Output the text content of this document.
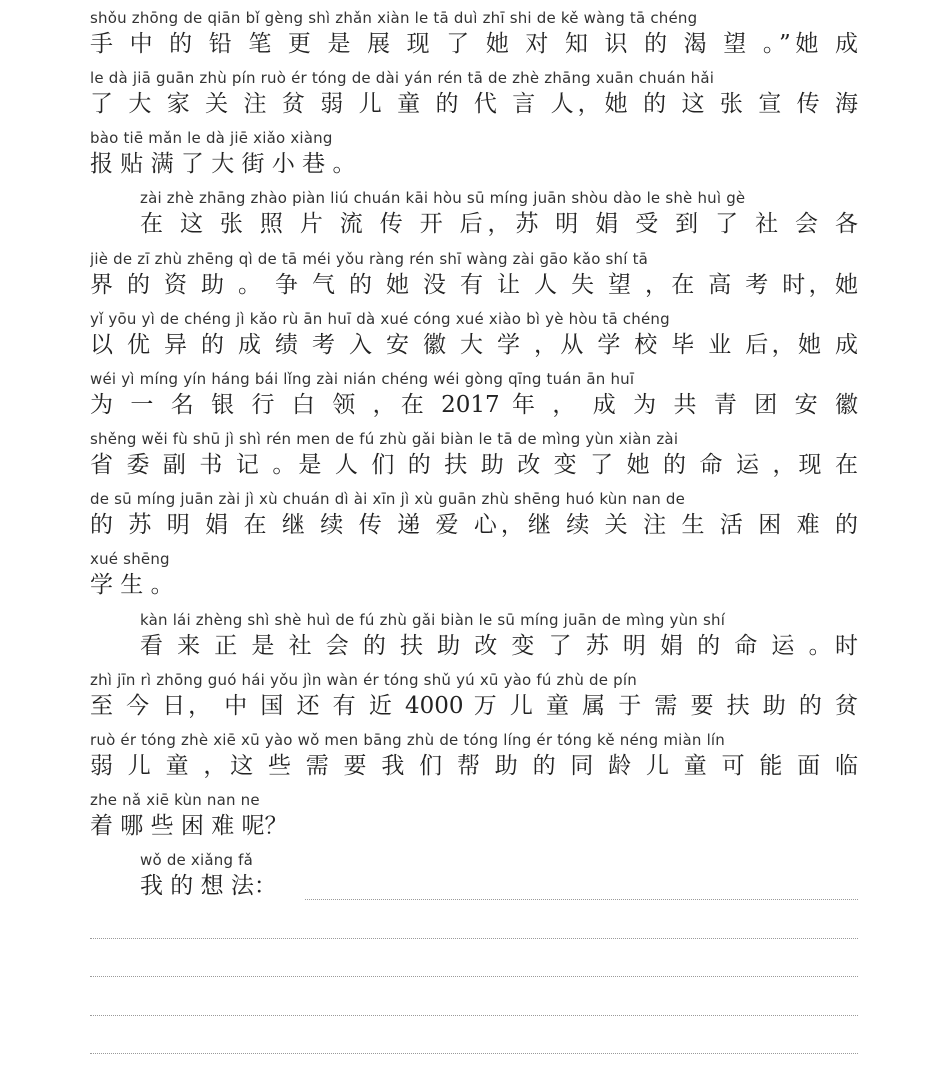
shǒu zhōng de qiān bǐ gèng shì zhǎn xiàn le tā duì zhī shi de kě wàng tā chéng
手 中 的 铅 笔 更 是 展 现 了 她 对 知 识 的 渴 望 。”她 成
le dà jiā guān zhù pín ruò ér tóng de dài yán rén tā de zhè zhāng xuān chuán hǎi
了 大 家 关 注 贫 弱 儿 童 的 代 言 人，她 的 这 张 宣 传 海
bào tiē mǎn le dà jiē xiǎo xiàng
报 贴 满 了 大 街 小 巷 。
zài zhè zhāng zhào piàn liú chuán kāi hòu sū míng juān shòu dào le shè huì gè
在 这 张 照 片 流 传 开 后，苏 明 娟 受 到 了 社 会 各
jiè de zī zhù zhēng qì de tā méi yǒu ràng rén shī wàng zài gāo kǎo shí tā
界 的 资 助 。 争 气 的 她 没 有 让 人 失 望 ，在 高 考 时，她
yǐ yōu yì de chéng jì kǎo rù ān huī dà xué cóng xué xiào bì yè hòu tā chéng
以 优 异 的 成 绩 考 入 安 徽 大 学 ，从 学 校 毕 业 后，她 成
wéi yì míng yín háng bái lǐng zài nián chéng wéi gòng qīng tuán ān huī
为 一 名 银 行 白 领 ，在 2017 年 ， 成 为 共 青 团 安 徽
shěng wěi fù shū jì shì rén men de fú zhù gǎi biàn le tā de mìng yùn xiàn zài
省 委 副 书 记 。是 人 们 的 扶 助 改 变 了 她 的 命 运 ，现 在
de sū míng juān zài jì xù chuán dì ài xīn jì xù guān zhù shēng huó kùn nan de
的 苏 明 娟 在 继 续 传 递 爱 心，继 续 关 注 生 活 困 难 的
xué shēng
学 生 。
kàn lái zhèng shì shè huì de fú zhù gǎi biàn le sū míng juān de mìng yùn shí
看 来 正 是 社 会 的 扶 助 改 变 了 苏 明 娟 的 命 运 。时
zhì jīn rì zhōng guó hái yǒu jìn wàn ér tóng shǔ yú xū yào fú zhù de pín
至 今 日， 中 国 还 有 近 4000 万 儿 童 属 于 需 要 扶 助 的 贫
ruò ér tóng zhè xiē xū yào wǒ men bāng zhù de tóng líng ér tóng kě néng miàn lín
弱 儿 童 ，这 些 需 要 我 们 帮 助 的 同 龄 儿 童 可 能 面 临
zhe nǎ xiē kùn nan ne
着 哪 些 困 难 呢？
wǒ de xiǎng fǎ
我 的 想 法：
